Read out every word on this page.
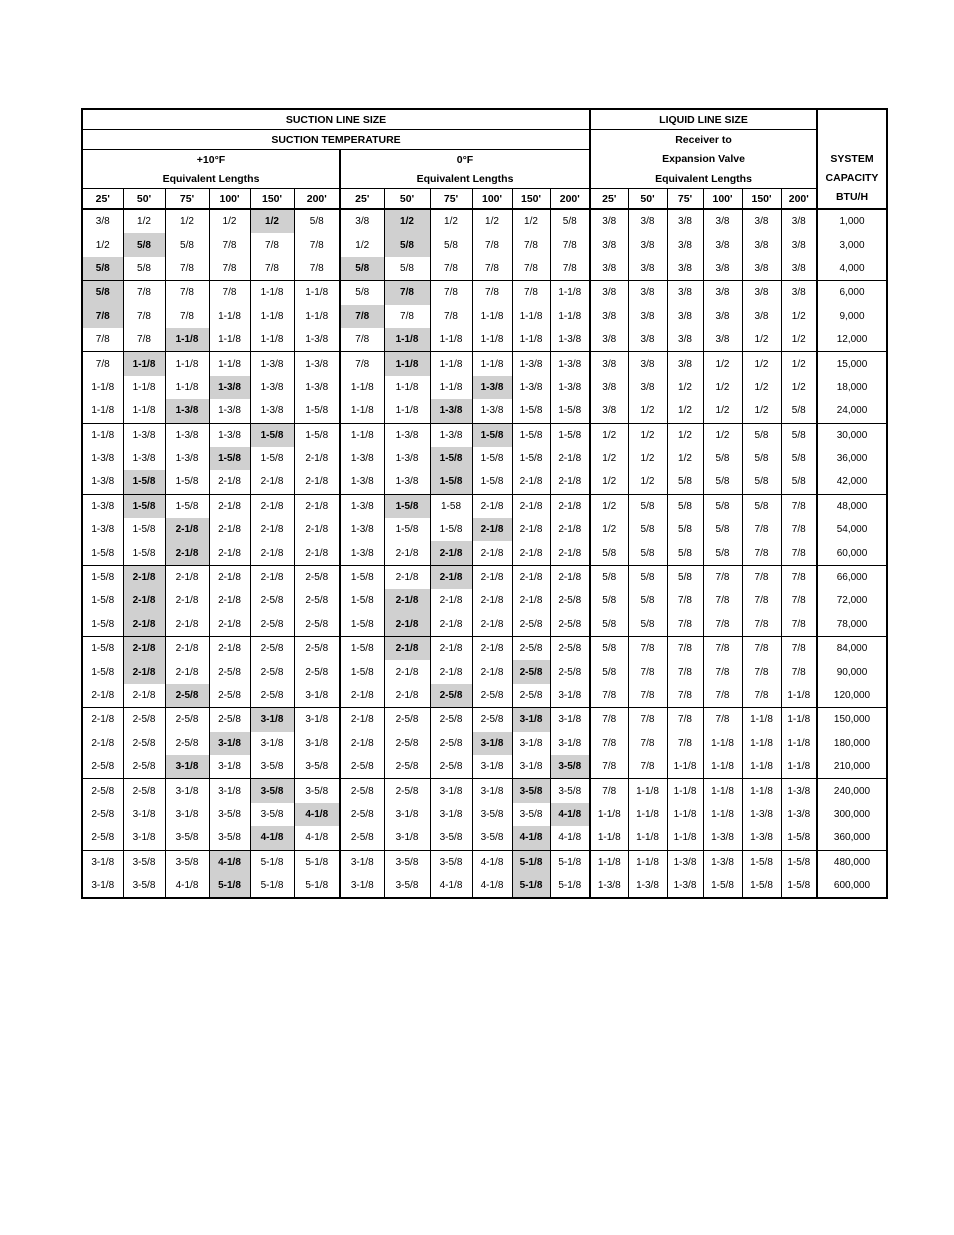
SUCTION LINE SIZE												LIQUID LINE SIZE						SYSTEM
CAPACITY
BTU/H

SUCTION TEMPERATURE												Receiver to						
+10°F						0°F						Expansion Valve						
Equivalent Lengths						Equivalent Lengths						Equivalent Lengths						
25'	50'	75'	100'	150'	200'	25'	50'	75'	100'	150'	200'	25'	50'	75'	100'	150'	200'	
3/8	1/2	1/2	1/2	1/2	5/8	3/8	1/2	1/2	1/2	1/2	5/8	3/8	3/8	3/8	3/8	3/8	3/8	1,000
1/2	5/8	5/8	7/8	7/8	7/8	1/2	5/8	5/8	7/8	7/8	7/8	3/8	3/8	3/8	3/8	3/8	3/8	3,000
5/8	5/8	7/8	7/8	7/8	7/8	5/8	5/8	7/8	7/8	7/8	7/8	3/8	3/8	3/8	3/8	3/8	3/8	4,000
5/8	7/8	7/8	7/8	1-1/8	1-1/8	5/8	7/8	7/8	7/8	7/8	1-1/8	3/8	3/8	3/8	3/8	3/8	3/8	6,000
7/8	7/8	7/8	1-1/8	1-1/8	1-1/8	7/8	7/8	7/8	1-1/8	1-1/8	1-1/8	3/8	3/8	3/8	3/8	3/8	1/2	9,000
7/8	7/8	1-1/8	1-1/8	1-1/8	1-3/8	7/8	1-1/8	1-1/8	1-1/8	1-1/8	1-3/8	3/8	3/8	3/8	3/8	1/2	1/2	12,000
7/8	1-1/8	1-1/8	1-1/8	1-3/8	1-3/8	7/8	1-1/8	1-1/8	1-1/8	1-3/8	1-3/8	3/8	3/8	3/8	1/2	1/2	1/2	15,000
1-1/8	1-1/8	1-1/8	1-3/8	1-3/8	1-3/8	1-1/8	1-1/8	1-1/8	1-3/8	1-3/8	1-3/8	3/8	3/8	1/2	1/2	1/2	1/2	18,000
1-1/8	1-1/8	1-3/8	1-3/8	1-3/8	1-5/8	1-1/8	1-1/8	1-3/8	1-3/8	1-5/8	1-5/8	3/8	1/2	1/2	1/2	1/2	5/8	24,000
1-1/8	1-3/8	1-3/8	1-3/8	1-5/8	1-5/8	1-1/8	1-3/8	1-3/8	1-5/8	1-5/8	1-5/8	1/2	1/2	1/2	1/2	5/8	5/8	30,000
1-3/8	1-3/8	1-3/8	1-5/8	1-5/8	2-1/8	1-3/8	1-3/8	1-5/8	1-5/8	1-5/8	2-1/8	1/2	1/2	1/2	5/8	5/8	5/8	36,000
1-3/8	1-5/8	1-5/8	2-1/8	2-1/8	2-1/8	1-3/8	1-3/8	1-5/8	1-5/8	2-1/8	2-1/8	1/2	1/2	5/8	5/8	5/8	5/8	42,000
1-3/8	1-5/8	1-5/8	2-1/8	2-1/8	2-1/8	1-3/8	1-5/8	1-58	2-1/8	2-1/8	2-1/8	1/2	5/8	5/8	5/8	5/8	7/8	48,000
1-3/8	1-5/8	2-1/8	2-1/8	2-1/8	2-1/8	1-3/8	1-5/8	1-5/8	2-1/8	2-1/8	2-1/8	1/2	5/8	5/8	5/8	7/8	7/8	54,000
1-5/8	1-5/8	2-1/8	2-1/8	2-1/8	2-1/8	1-3/8	2-1/8	2-1/8	2-1/8	2-1/8	2-1/8	5/8	5/8	5/8	5/8	7/8	7/8	60,000
1-5/8	2-1/8	2-1/8	2-1/8	2-1/8	2-5/8	1-5/8	2-1/8	2-1/8	2-1/8	2-1/8	2-1/8	5/8	5/8	5/8	7/8	7/8	7/8	66,000
1-5/8	2-1/8	2-1/8	2-1/8	2-5/8	2-5/8	1-5/8	2-1/8	2-1/8	2-1/8	2-1/8	2-5/8	5/8	5/8	7/8	7/8	7/8	7/8	72,000
1-5/8	2-1/8	2-1/8	2-1/8	2-5/8	2-5/8	1-5/8	2-1/8	2-1/8	2-1/8	2-5/8	2-5/8	5/8	5/8	7/8	7/8	7/8	7/8	78,000
1-5/8	2-1/8	2-1/8	2-1/8	2-5/8	2-5/8	1-5/8	2-1/8	2-1/8	2-1/8	2-5/8	2-5/8	5/8	7/8	7/8	7/8	7/8	7/8	84,000
1-5/8	2-1/8	2-1/8	2-5/8	2-5/8	2-5/8	1-5/8	2-1/8	2-1/8	2-1/8	2-5/8	2-5/8	5/8	7/8	7/8	7/8	7/8	7/8	90,000
2-1/8	2-1/8	2-5/8	2-5/8	2-5/8	3-1/8	2-1/8	2-1/8	2-5/8	2-5/8	2-5/8	3-1/8	7/8	7/8	7/8	7/8	7/8	1-1/8	120,000
2-1/8	2-5/8	2-5/8	2-5/8	3-1/8	3-1/8	2-1/8	2-5/8	2-5/8	2-5/8	3-1/8	3-1/8	7/8	7/8	7/8	7/8	1-1/8	1-1/8	150,000
2-1/8	2-5/8	2-5/8	3-1/8	3-1/8	3-1/8	2-1/8	2-5/8	2-5/8	3-1/8	3-1/8	3-1/8	7/8	7/8	7/8	1-1/8	1-1/8	1-1/8	180,000
2-5/8	2-5/8	3-1/8	3-1/8	3-5/8	3-5/8	2-5/8	2-5/8	2-5/8	3-1/8	3-1/8	3-5/8	7/8	7/8	1-1/8	1-1/8	1-1/8	1-1/8	210,000
2-5/8	2-5/8	3-1/8	3-1/8	3-5/8	3-5/8	2-5/8	2-5/8	3-1/8	3-1/8	3-5/8	3-5/8	7/8	1-1/8	1-1/8	1-1/8	1-1/8	1-3/8	240,000
2-5/8	3-1/8	3-1/8	3-5/8	3-5/8	4-1/8	2-5/8	3-1/8	3-1/8	3-5/8	3-5/8	4-1/8	1-1/8	1-1/8	1-1/8	1-1/8	1-3/8	1-3/8	300,000
2-5/8	3-1/8	3-5/8	3-5/8	4-1/8	4-1/8	2-5/8	3-1/8	3-5/8	3-5/8	4-1/8	4-1/8	1-1/8	1-1/8	1-1/8	1-3/8	1-3/8	1-5/8	360,000
3-1/8	3-5/8	3-5/8	4-1/8	5-1/8	5-1/8	3-1/8	3-5/8	3-5/8	4-1/8	5-1/8	5-1/8	1-1/8	1-1/8	1-3/8	1-3/8	1-5/8	1-5/8	480,000
3-1/8	3-5/8	4-1/8	5-1/8	5-1/8	5-1/8	3-1/8	3-5/8	4-1/8	4-1/8	5-1/8	5-1/8	1-3/8	1-3/8	1-3/8	1-5/8	1-5/8	1-5/8	600,000
